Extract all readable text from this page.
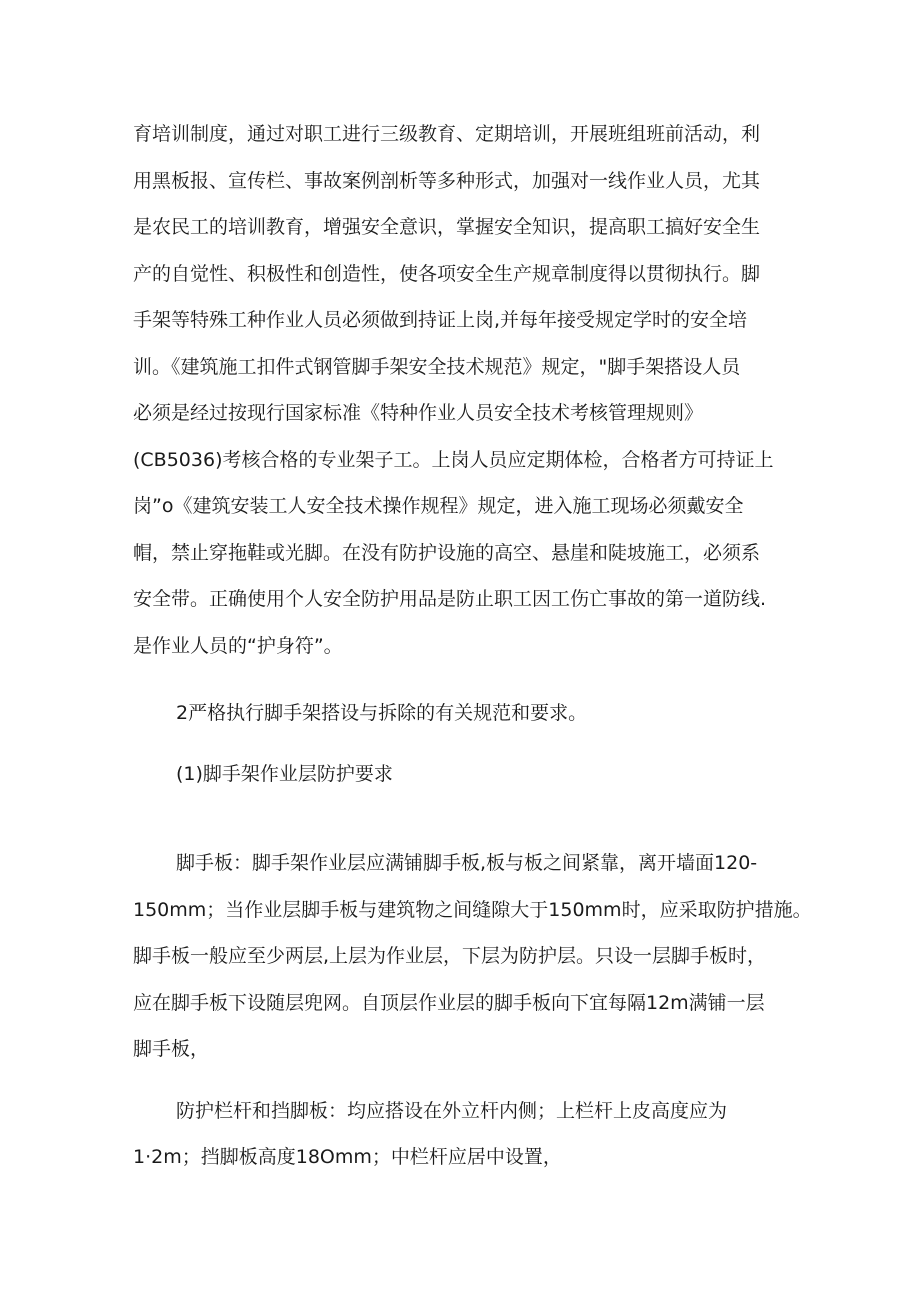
育培训制度，通过对职工进行三级教育、定期培训，开展班组班前活动，利
用黑板报、宣传栏、事故案例剖析等多种形式，加强对一线作业人员，尤其
是农民工的培训教育，增强安全意识，掌握安全知识，提高职工搞好安全生
产的自觉性、积极性和创造性，使各项安全生产规章制度得以贯彻执行。脚
手架等特殊工种作业人员必须做到持证上岗,并每年接受规定学时的安全培
训。《建筑施工扣件式钢管脚手架安全技术规范》规定，"脚手架搭设人员
必须是经过按现行国家标准《特种作业人员安全技术考核管理规则》
(CB5036)考核合格的专业架子工。上岗人员应定期体检，合格者方可持证上
岗”o《建筑安装工人安全技术操作规程》规定，进入施工现场必须戴安全
帽，禁止穿拖鞋或光脚。在没有防护设施的高空、悬崖和陡坡施工，必须系
安全带。正确使用个人安全防护用品是防止职工因工伤亡事故的第一道防线.
是作业人员的“护身符”。
2严格执行脚手架搭设与拆除的有关规范和要求。
(1)脚手架作业层防护要求
脚手板：脚手架作业层应满铺脚手板,板与板之间紧靠，离开墙面120-
150mm；当作业层脚手板与建筑物之间缝隙大于150mm时，应采取防护措施。
脚手板一般应至少两层,上层为作业层，下层为防护层。只设一层脚手板时，
应在脚手板下设随层兜网。自顶层作业层的脚手板向下宜每隔12m满铺一层
脚手板，
防护栏杆和挡脚板：均应搭设在外立杆内侧；上栏杆上皮高度应为
1·2m；挡脚板高度18Omm；中栏杆应居中设置，
